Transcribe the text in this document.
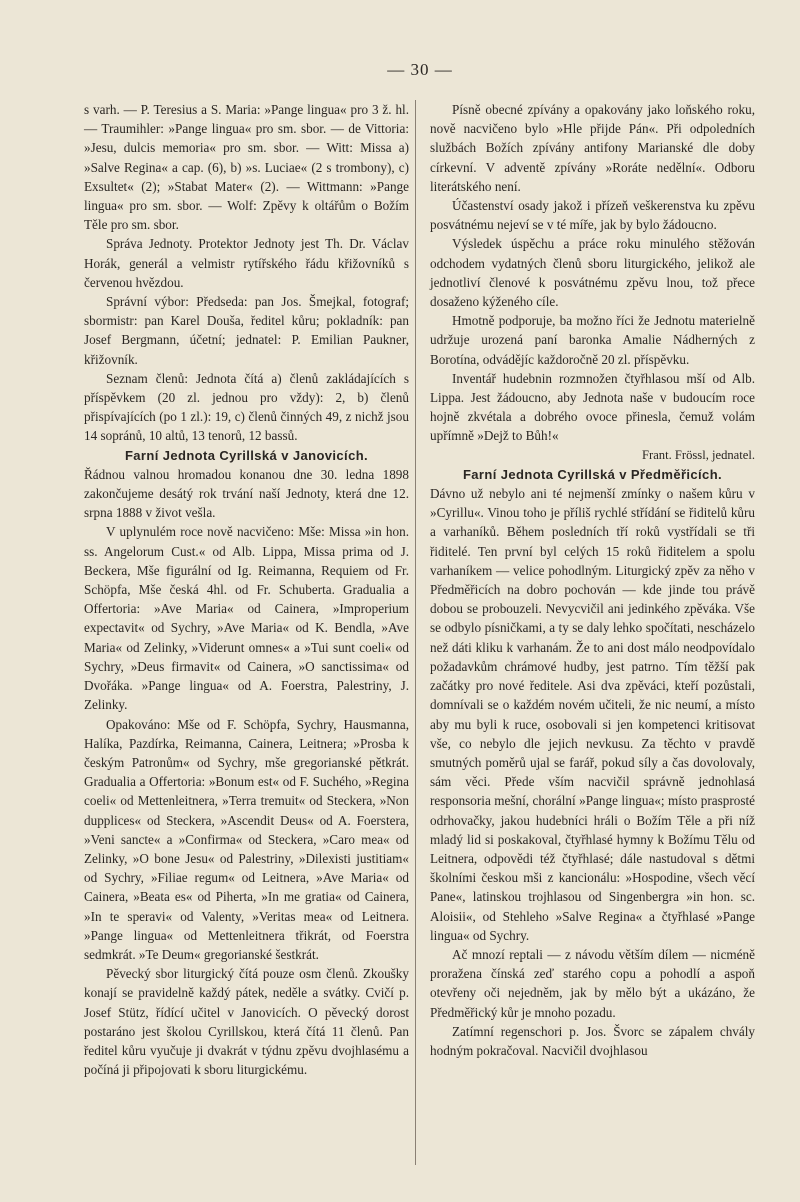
— 30 —

s varh. — P. Teresius a S. Maria: »Pange lingua« pro 3 ž. hl. — Traumihler: »Pange lingua« pro sm. sbor. — de Vittoria: »Jesu, dulcis memoria« pro sm. sbor. — Witt: Missa a) »Salve Regina« a cap. (6), b) »s. Luciae« (2 s trombony), c) Exsultet« (2); »Stabat Mater« (2). — Wittmann: »Pange lingua« pro sm. sbor. — Wolf: Zpěvy k oltářům o Božím Těle pro sm. sbor.

Správa Jednoty. Protektor Jednoty jest Th. Dr. Václav Horák, generál a velmistr rytířského řádu křižovníků s červenou hvězdou.

Správní výbor: Předseda: pan Jos. Šmejkal, fotograf; sbormistr: pan Karel Douša, ředitel kůru; pokladník: pan Josef Bergmann, účetní; jednatel: P. Emilian Paukner, křižovník.

Seznam členů: Jednota čítá a) členů zakládajících s příspěvkem (20 zl. jednou pro vždy): 2, b) členů přispívajících (po 1 zl.): 19, c) členů činných 49, z nichž jsou 14 sopránů, 10 altů, 13 tenorů, 12 bassů.

Farní Jednota Cyrillská v Janovicích.

Řádnou valnou hromadou konanou dne 30. ledna 1898 zakončujeme desátý rok trvání naší Jednoty, která dne 12. srpna 1888 v život vešla.

V uplynulém roce nově nacvičeno: Mše: Missa »in hon. ss. Angelorum Cust.« od Alb. Lippa, Missa prima od J. Beckera, Mše figurální od Ig. Reimanna, Requiem od Fr. Schöpfa, Mše česká 4hl. od Fr. Schuberta. Gradualia a Offertoria: »Ave Maria« od Cainera, »Improperium expectavit« od Sychry, »Ave Maria« od K. Bendla, »Ave Maria« od Zelinky, »Viderunt omnes« a »Tui sunt coeli« od Sychry, »Deus firmavit« od Cainera, »O sanctissima« od Dvořáka. »Pange lingua« od A. Foerstra, Palestriny, J. Zelinky.

Opakováno: Mše od F. Schöpfa, Sychry, Hausmanna, Halíka, Pazdírka, Reimanna, Cainera, Leitnera; »Prosba k českým Patronům« od Sychry, mše gregorianské pětkrát. Gradualia a Offertoria: »Bonum est« od F. Suchého, »Regina coeli« od Mettenleitnera, »Terra tremuit« od Steckera, »Non dupplices« od Steckera, »Ascendit Deus« od A. Foerstera, »Veni sancte« a »Confirma« od Steckera, »Caro mea« od Zelinky, »O bone Jesu« od Palestriny, »Dilexisti justitiam« od Sychry, »Filiae regum« od Leitnera, »Ave Maria« od Cainera, »Beata es« od Piherta, »In me gratia« od Cainera, »In te speravi« od Valenty, »Veritas mea« od Leitnera. »Pange lingua« od Mettenleitnera třikrát, od Foerstra sedmkrát. »Te Deum« gregorianské šestkrát.

Pěvecký sbor liturgický čítá pouze osm členů. Zkoušky konají se pravidelně každý pátek, neděle a svátky. Cvičí p. Josef Stütz, řídící učitel v Janovicích. O pěvecký dorost postaráno jest školou Cyrillskou, která čítá 11 členů. Pan ředitel kůru vyučuje ji dvakrát v týdnu zpěvu dvojhlasému a počíná ji připojovati k sboru liturgickému.

Písně obecné zpívány a opakovány jako loňského roku, nově nacvičeno bylo »Hle přijde Pán«. Při odpoledních službách Božích zpívány antifony Marianské dle doby církevní. V adventě zpívány »Roráte nedělní«. Odboru literátského není.

Účastenství osady jakož i přízeň veškerenstva ku zpěvu posvátnému nejeví se v té míře, jak by bylo žádoucno.

Výsledek úspěchu a práce roku minulého stěžován odchodem vydatných členů sboru liturgického, jelikož ale jednotliví členové k posvátnému zpěvu lnou, tož přece dosaženo kýženého cíle.

Hmotně podporuje, ba možno říci že Jednotu materielně udržuje urozená paní baronka Amalie Nádherných z Borotína, odvádějíc každoročně 20 zl. příspěvku.

Inventář hudebnin rozmnožen čtyřhlasou mší od Alb. Lippa. Jest žádoucno, aby Jednota naše v budoucím roce hojně zkvétala a dobrého ovoce přinesla, čemuž volám upřímně »Dejž to Bůh!«

Frant. Frössl, jednatel.

Farní Jednota Cyrillská v Předměřicích.

Dávno už nebylo ani té nejmenší zmínky o našem kůru v »Cyrillu«. Vinou toho je příliš rychlé střídání se řiditelů kůru a varhaníků. Během posledních tří roků vystřídali se tři řiditelé. Ten první byl celých 15 roků řiditelem a spolu varhaníkem — velice pohodlným. Liturgický zpěv za něho v Předměřicích na dobro pochován — kde jinde tou právě dobou se probouzeli. Nevycvičil ani jedinkého zpěváka. Vše se odbylo písničkami, a ty se daly lehko spočítati, nescházelo než dáti kliku k varhanám. Že to ani dost málo neodpovídalo požadavkům chrámové hudby, jest patrno. Tím těžší pak začátky pro nové ředitele. Asi dva zpěváci, kteří pozůstali, domnívali se o každém novém učiteli, že nic neumí, a místo aby mu byli k ruce, osobovali si jen kompetenci kritisovat vše, co nebylo dle jejich nevkusu. Za těchto v pravdě smutných poměrů ujal se farář, pokud síly a čas dovolovaly, sám věci. Přede vším nacvičil správně jednohlasá responsoria mešní, chorální »Pange lingua«; místo prasprosté odrhovačky, jakou hudebníci hráli o Božím Těle a při níž mladý lid si poskakoval, čtyřhlasé hymny k Božímu Tělu od Leitnera, odpovědi též čtyřhlasé; dále nastudoval s dětmi školními českou mši z kancionálu: »Hospodine, všech věcí Pane«, latinskou trojhlasou od Singenbergra »in hon. sc. Aloisii«, od Stehleho »Salve Regina« a čtyřhlasé »Pange lingua« od Sychry.

Ač mnozí reptali — z návodu větším dílem — nicméně proražena čínská zeď starého copu a pohodlí a aspoň otevřeny oči nejedněm, jak by mělo být a ukázáno, že Předměřický kůr je mnoho pozadu.

Zatímní regenschori p. Jos. Švorc se zápalem chvály hodným pokračoval. Nacvičil dvojhlasou
